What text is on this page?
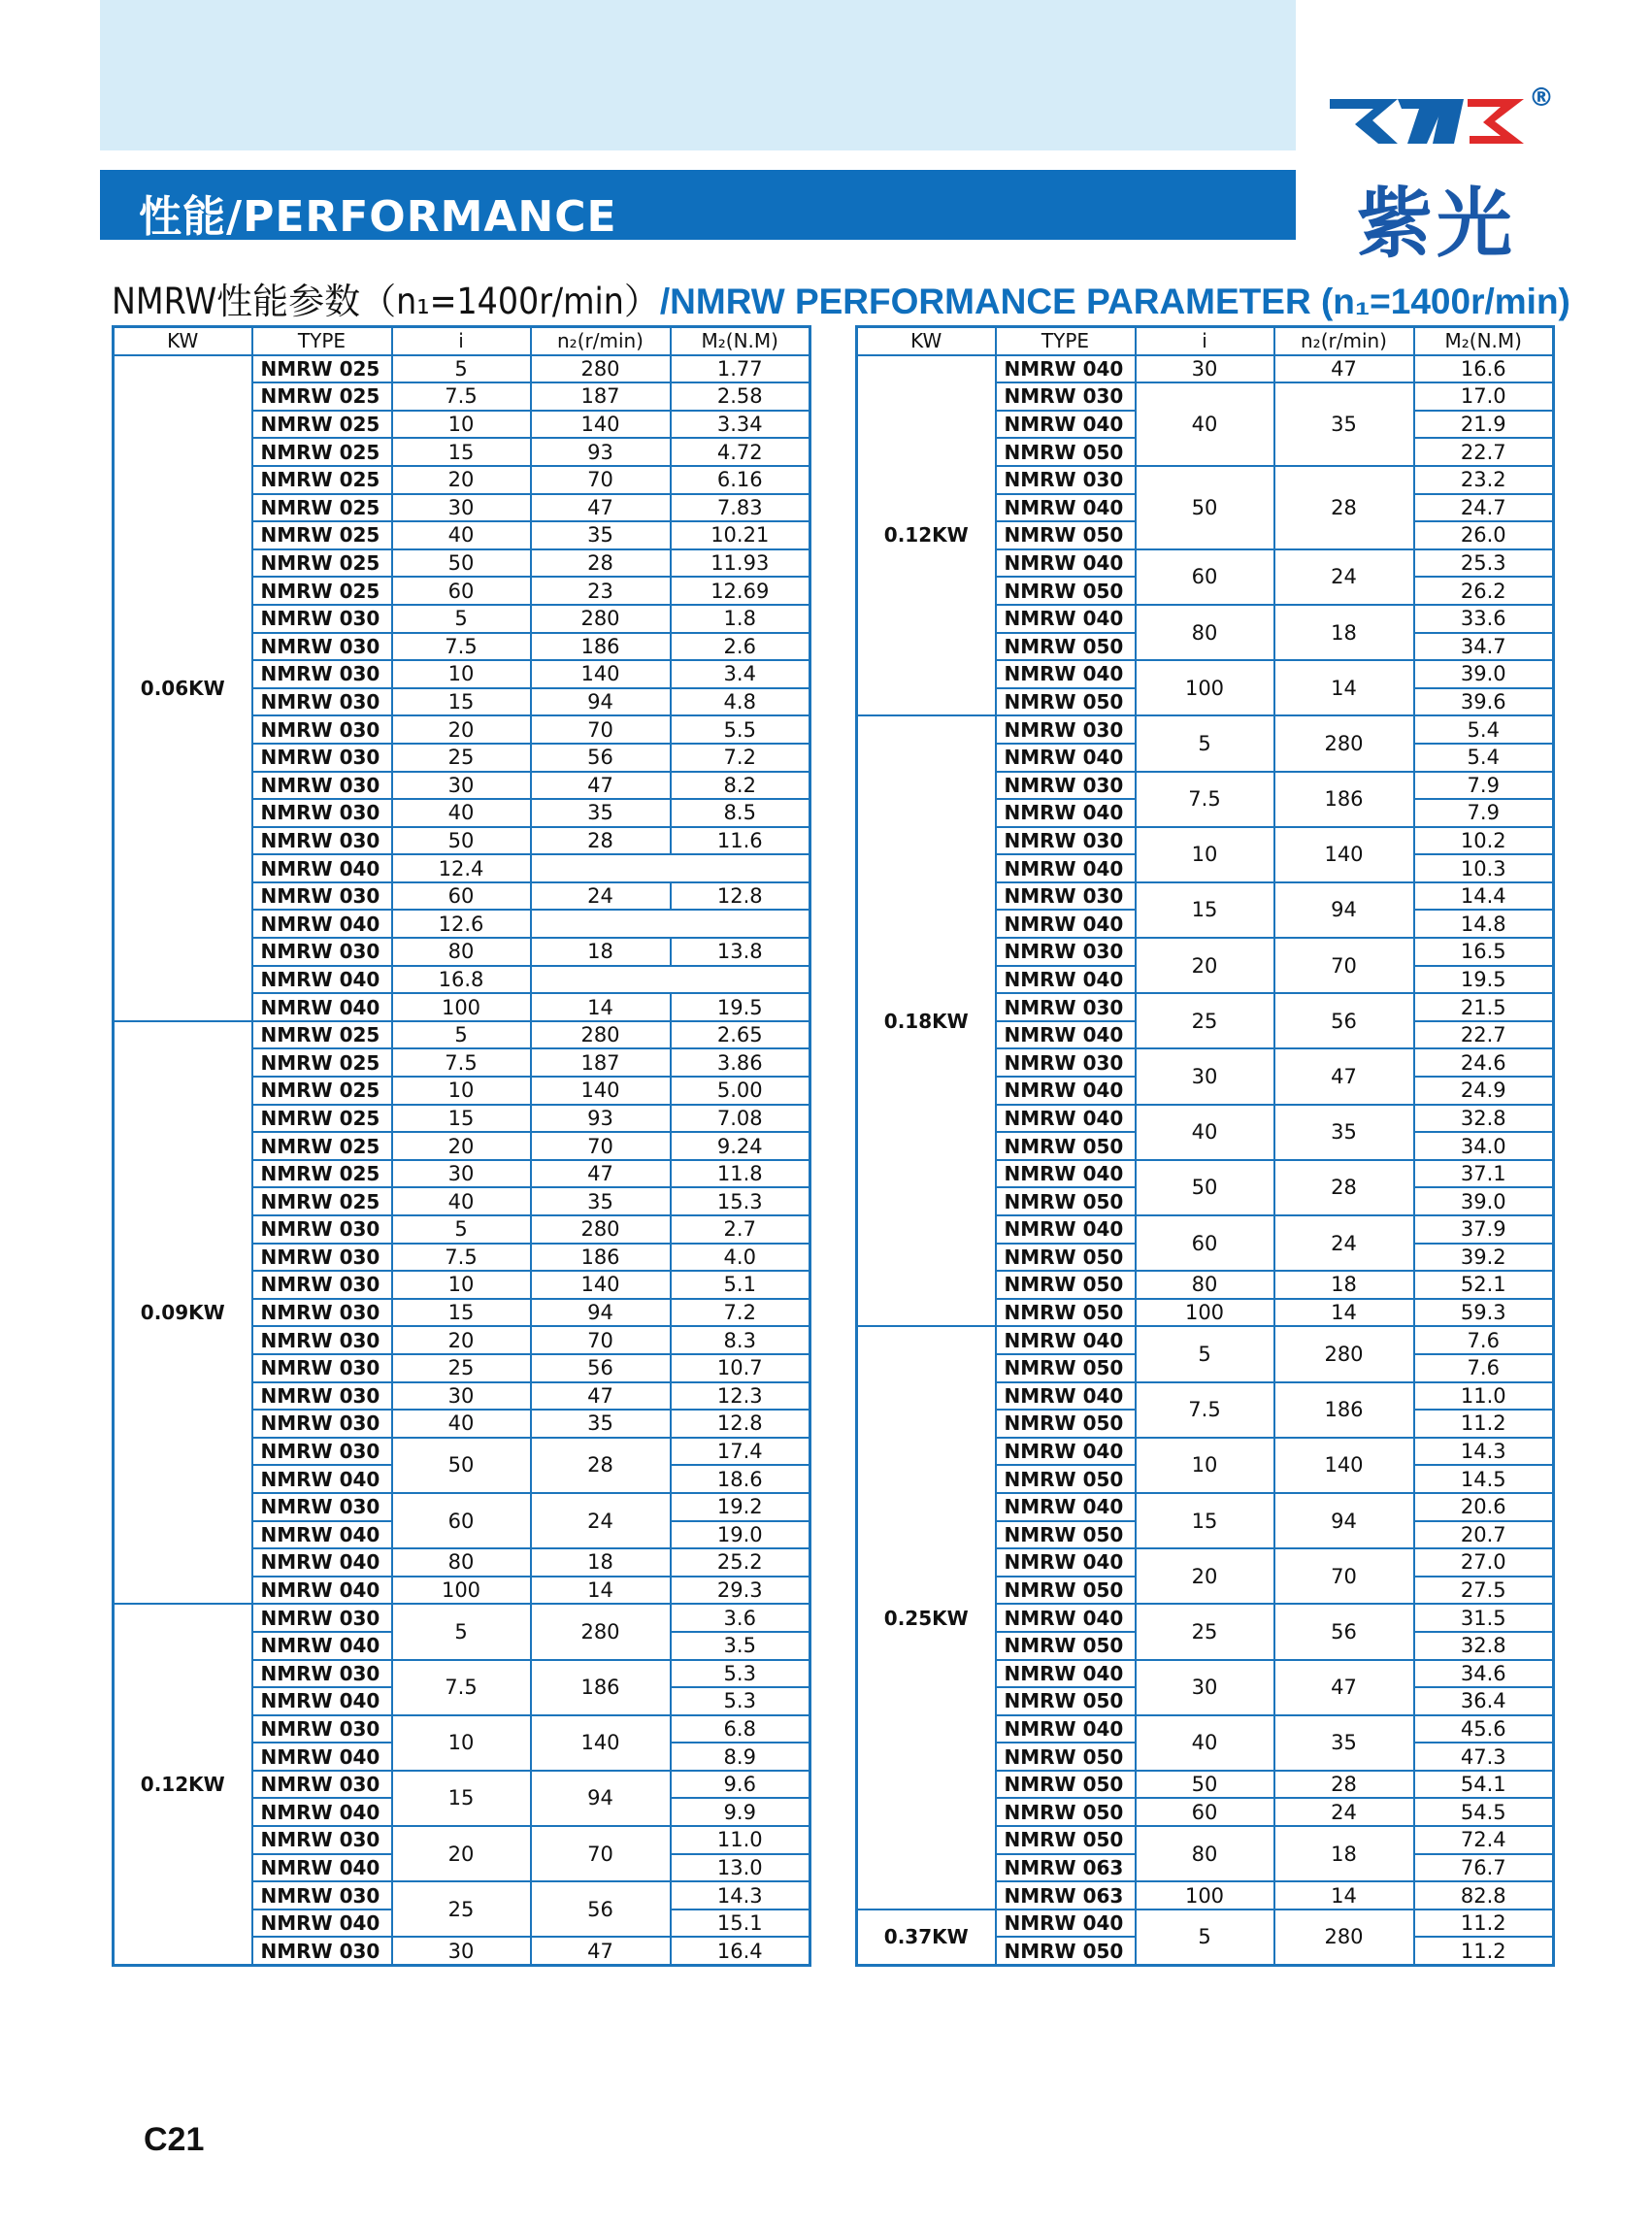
性能/PERFORMANCE
®
紫光
NMRW性能参数（n₁=1400r/min）/NMRW PERFORMANCE PARAMETER (n₁=1400r/min)
KW	TYPE	i	n₂(r/min)	M₂(N.M)
0.06KW	NMRW 025	5	280	1.77
	NMRW 025	7.5	187	2.58
	NMRW 025	10	140	3.34
	NMRW 025	15	93	4.72
	NMRW 025	20	70	6.16
	NMRW 025	30	47	7.83
	NMRW 025	40	35	10.21
	NMRW 025	50	28	11.93
	NMRW 025	60	23	12.69
	NMRW 030	5	280	1.8
	NMRW 030	7.5	186	2.6
	NMRW 030	10	140	3.4
	NMRW 030	15	94	4.8
	NMRW 030	20	70	5.5
	NMRW 030	25	56	7.2
	NMRW 030	30	47	8.2
	NMRW 030	40	35	8.5
	NMRW 030	50	28	11.6
	NMRW 040	12.4		
	NMRW 030	60	24	12.8
	NMRW 040	12.6		
	NMRW 030	80	18	13.8
	NMRW 040	16.8		
	NMRW 040	100	14	19.5
0.09KW	NMRW 025	5	280	2.65
	NMRW 025	7.5	187	3.86
	NMRW 025	10	140	5.00
	NMRW 025	15	93	7.08
	NMRW 025	20	70	9.24
	NMRW 025	30	47	11.8
	NMRW 025	40	35	15.3
	NMRW 030	5	280	2.7
	NMRW 030	7.5	186	4.0
	NMRW 030	10	140	5.1
	NMRW 030	15	94	7.2
	NMRW 030	20	70	8.3
	NMRW 030	25	56	10.7
	NMRW 030	30	47	12.3
	NMRW 030	40	35	12.8
	NMRW 030	50	28	17.4
	NMRW 040			18.6
	NMRW 030	60	24	19.2
	NMRW 040			19.0
	NMRW 040	80	18	25.2
	NMRW 040	100	14	29.3
0.12KW	NMRW 030	5	280	3.6
	NMRW 040			3.5
	NMRW 030	7.5	186	5.3
	NMRW 040			5.3
	NMRW 030	10	140	6.8
	NMRW 040			8.9
	NMRW 030	15	94	9.6
	NMRW 040			9.9
	NMRW 030	20	70	11.0
	NMRW 040			13.0
	NMRW 030	25	56	14.3
	NMRW 040			15.1
	NMRW 030	30	47	16.4
KW	TYPE	i	n₂(r/min)	M₂(N.M)
0.12KW	NMRW 040	30	47	16.6
	NMRW 030	40	35	17.0
	NMRW 040			21.9
	NMRW 050			22.7
	NMRW 030	50	28	23.2
	NMRW 040			24.7
	NMRW 050			26.0
	NMRW 040	60	24	25.3
	NMRW 050			26.2
	NMRW 040	80	18	33.6
	NMRW 050			34.7
	NMRW 040	100	14	39.0
	NMRW 050			39.6
0.18KW	NMRW 030	5	280	5.4
	NMRW 040			5.4
	NMRW 030	7.5	186	7.9
	NMRW 040			7.9
	NMRW 030	10	140	10.2
	NMRW 040			10.3
	NMRW 030	15	94	14.4
	NMRW 040			14.8
	NMRW 030	20	70	16.5
	NMRW 040			19.5
	NMRW 030	25	56	21.5
	NMRW 040			22.7
	NMRW 030	30	47	24.6
	NMRW 040			24.9
	NMRW 040	40	35	32.8
	NMRW 050			34.0
	NMRW 040	50	28	37.1
	NMRW 050			39.0
	NMRW 040	60	24	37.9
	NMRW 050			39.2
	NMRW 050	80	18	52.1
	NMRW 050	100	14	59.3
0.25KW	NMRW 040	5	280	7.6
	NMRW 050			7.6
	NMRW 040	7.5	186	11.0
	NMRW 050			11.2
	NMRW 040	10	140	14.3
	NMRW 050			14.5
	NMRW 040	15	94	20.6
	NMRW 050			20.7
	NMRW 040	20	70	27.0
	NMRW 050			27.5
	NMRW 040	25	56	31.5
	NMRW 050			32.8
	NMRW 040	30	47	34.6
	NMRW 050			36.4
	NMRW 040	40	35	45.6
	NMRW 050			47.3
	NMRW 050	50	28	54.1
	NMRW 050	60	24	54.5
	NMRW 050	80	18	72.4
	NMRW 063			76.7
	NMRW 063	100	14	82.8
0.37KW	NMRW 040	5	280	11.2
	NMRW 050			11.2
C21
